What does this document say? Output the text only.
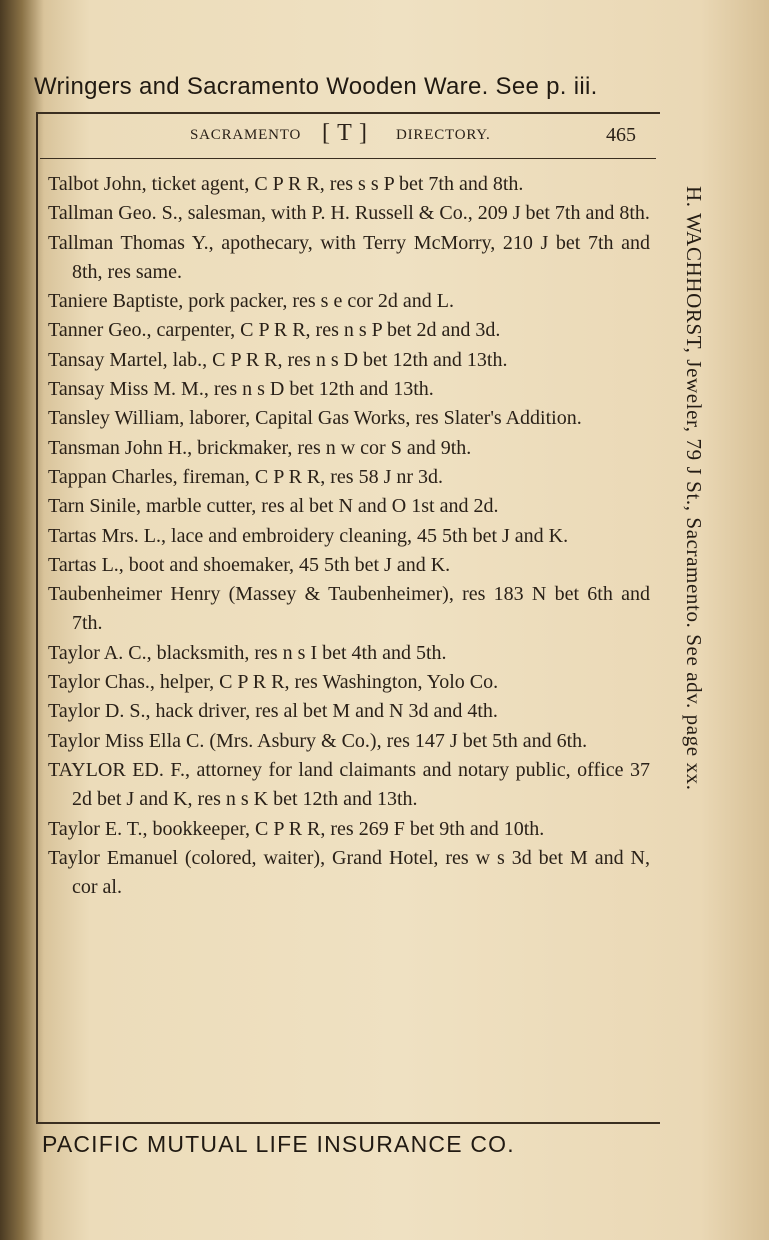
Wringers and Sacramento Wooden Ware. See p. iii.
SACRAMENTO [ T ] DIRECTORY.	465

Talbot John, ticket agent, C P R R, res s s P bet 7th and 8th.

Tallman Geo. S., salesman, with P. H. Russell & Co., 209 J bet 7th and 8th.

Tallman Thomas Y., apothecary, with Terry McMorry, 210 J bet 7th and 8th, res same.

Taniere Baptiste, pork packer, res s e cor 2d and L.

Tanner Geo., carpenter, C P R R, res n s P bet 2d and 3d.

Tansay Martel, lab., C P R R, res n s D bet 12th and 13th.

Tansay Miss M. M., res n s D bet 12th and 13th.

Tansley William, laborer, Capital Gas Works, res Slater's Addition.

Tansman John H., brickmaker, res n w cor S and 9th.

Tappan Charles, fireman, C P R R, res 58 J nr 3d.

Tarn Sinile, marble cutter, res al bet N and O 1st and 2d.

Tartas Mrs. L., lace and embroidery cleaning, 45 5th bet J and K.

Tartas L., boot and shoemaker, 45 5th bet J and K.

Taubenheimer Henry (Massey & Taubenheimer), res 183 N bet 6th and 7th.

Taylor A. C., blacksmith, res n s I bet 4th and 5th.

Taylor Chas., helper, C P R R, res Washington, Yolo Co.

Taylor D. S., hack driver, res al bet M and N 3d and 4th.

Taylor Miss Ella C. (Mrs. Asbury & Co.), res 147 J bet 5th and 6th.

TAYLOR ED. F., attorney for land claimants and notary public, office 37 2d bet J and K, res n s K bet 12th and 13th.

Taylor E. T., bookkeeper, C P R R, res 269 F bet 9th and 10th.

Taylor Emanuel (colored, waiter), Grand Hotel, res w s 3d bet M and N, cor al.

H. WACHHORST, Jeweler, 79 J St., Sacramento. See adv. page xx.
PACIFIC MUTUAL LIFE INSURANCE CO.
